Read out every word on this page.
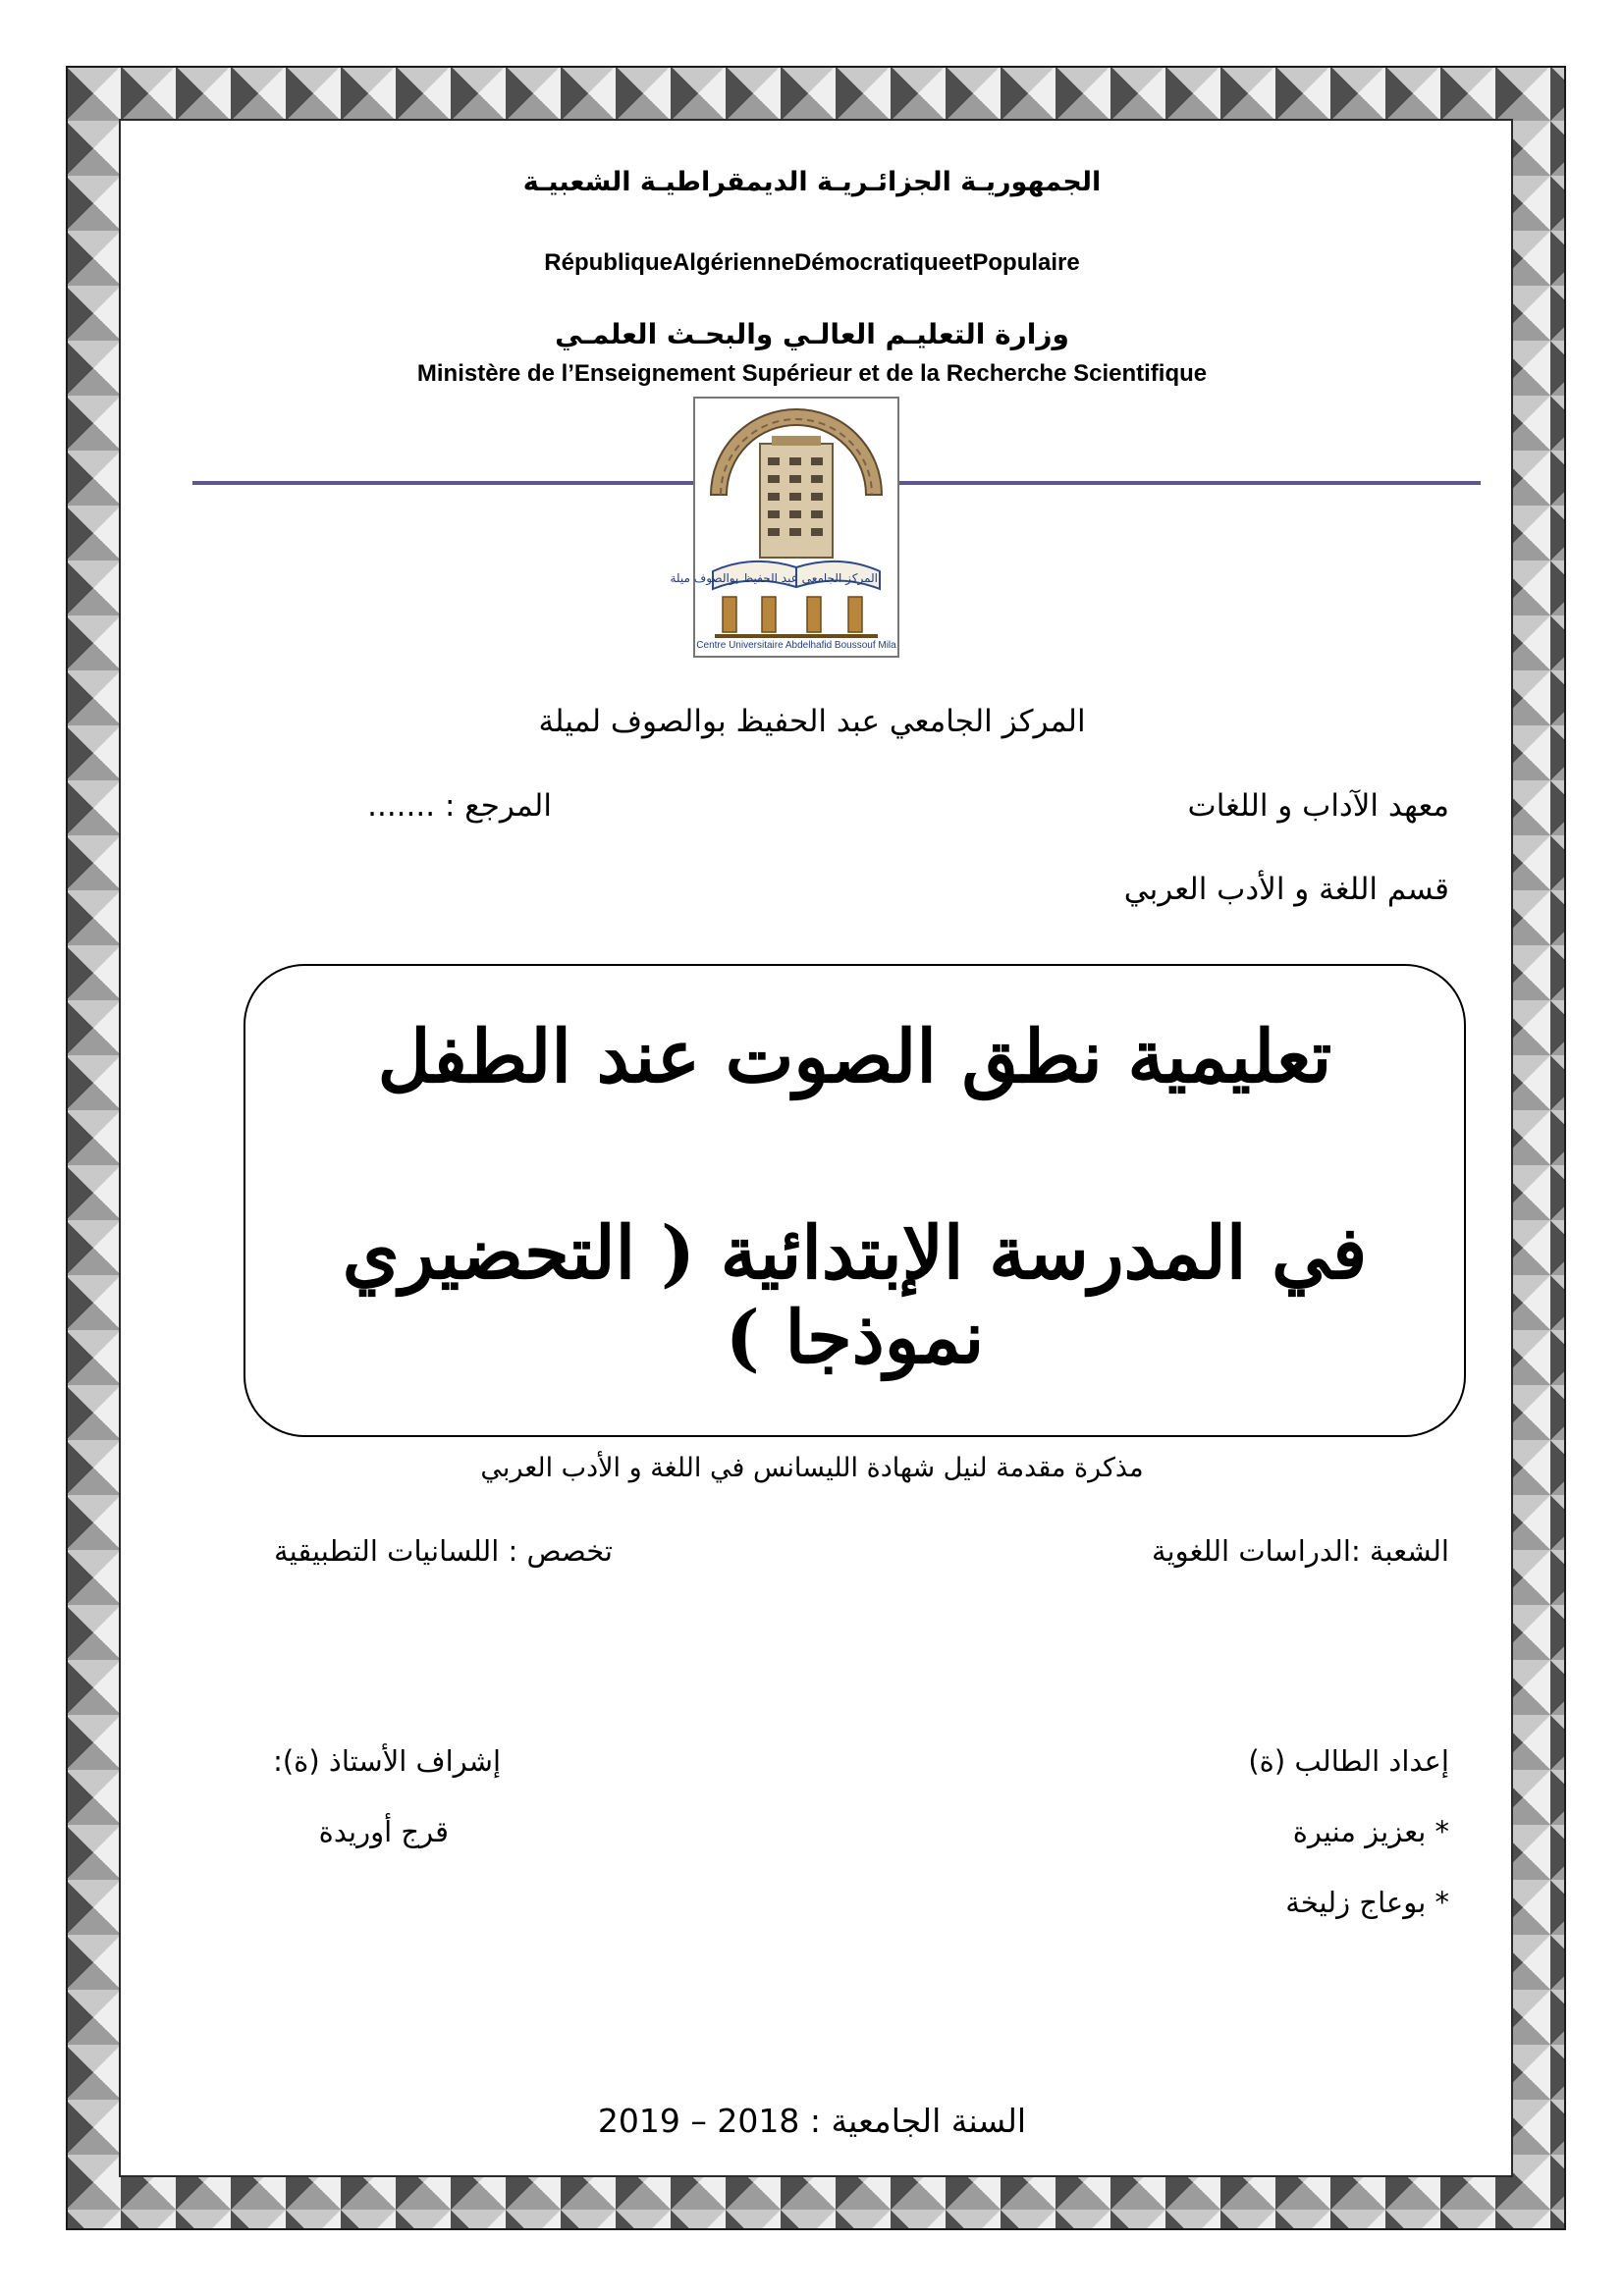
الجمهوريـة الجزائـريـة الديمقراطيـة الشعبيـة
RépubliqueAlgérienneDémocratiqueetPopulaire
وزارة التعليـم العالـي والبحـث العلمـي
Ministère de l’Enseignement Supérieur et de la Recherche Scientifique
المركز الجامعي عبد الحفيظ بوالصوف ميلة
Centre Universitaire Abdelhafid Boussouf Mila
المركز الجامعي عبد الحفيظ بوالصوف لميلة
معهد الآداب و اللغات
المرجع : .......
قسم اللغة و الأدب العربي
تعليمية نطق الصوت عند الطفل
في المدرسة الإبتدائية ( التحضيري نموذجا )
مذكرة مقدمة لنيل شهادة الليسانس في اللغة و الأدب العربي
الشعبة :الدراسات اللغوية
تخصص : اللسانيات التطبيقية
إعداد الطالب (ة)
* بعزيز منيرة
* بوعاج زليخة
إشراف الأستاذ (ة):
قرج أوريدة
السنة الجامعية : 2018 – 2019
